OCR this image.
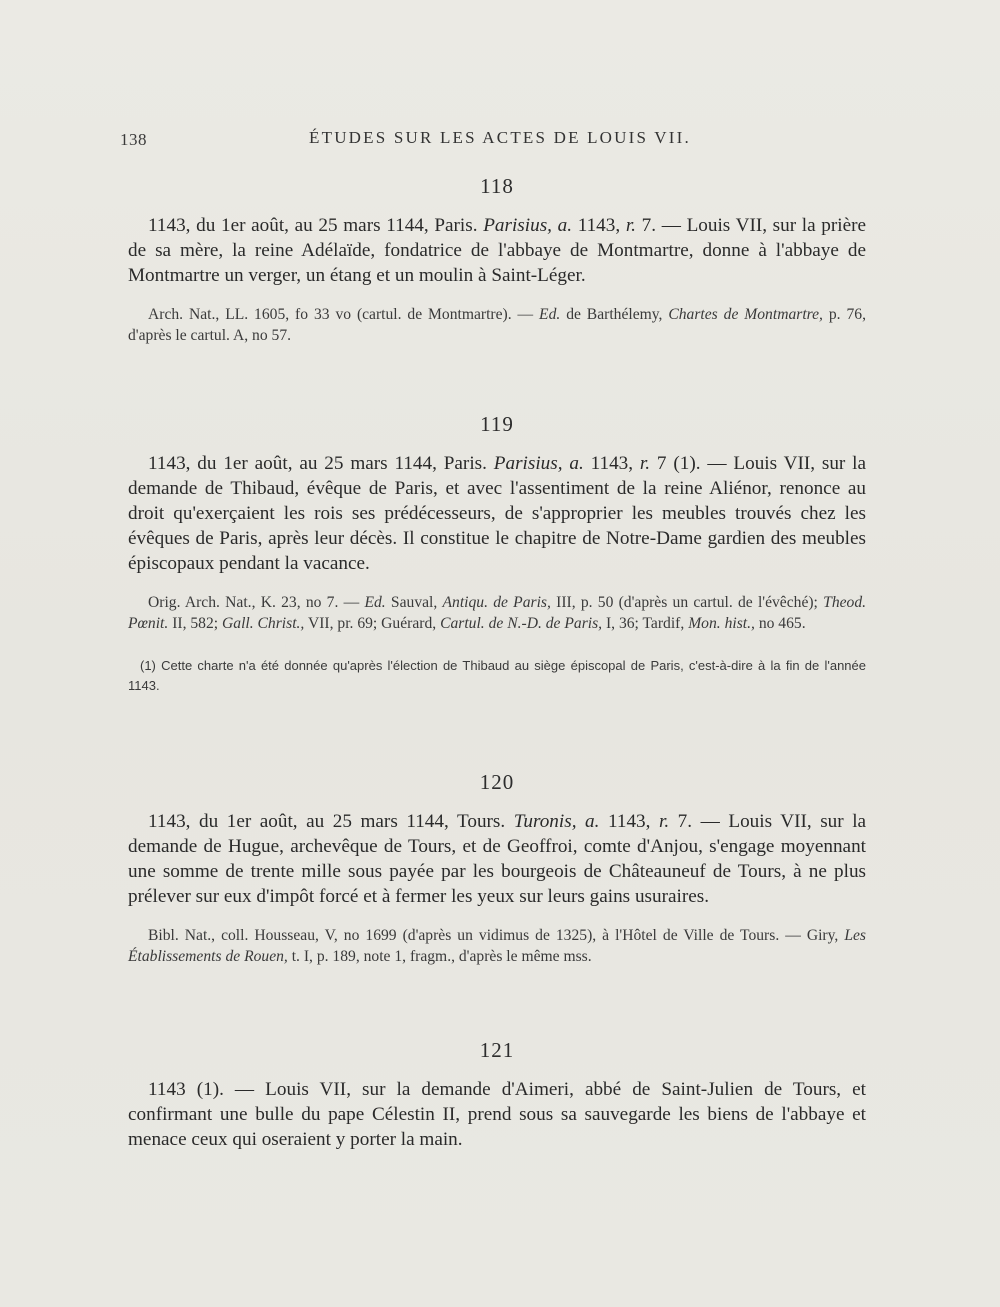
138	ÉTUDES SUR LES ACTES DE LOUIS VII.
118

1143, du 1er août, au 25 mars 1144, Paris. Parisius, a. 1143, r. 7. — Louis VII, sur la prière de sa mère, la reine Adélaïde, fondatrice de l'abbaye de Montmartre, donne à l'abbaye de Montmartre un verger, un étang et un moulin à Saint-Léger.

Arch. Nat., LL. 1605, fo 33 vo (cartul. de Montmartre). — Ed. de Barthélemy, Chartes de Montmartre, p. 76, d'après le cartul. A, no 57.

119

1143, du 1er août, au 25 mars 1144, Paris. Parisius, a. 1143, r. 7 (1). — Louis VII, sur la demande de Thibaud, évêque de Paris, et avec l'assentiment de la reine Aliénor, renonce au droit qu'exerçaient les rois ses prédécesseurs, de s'approprier les meubles trouvés chez les évêques de Paris, après leur décès. Il constitue le chapitre de Notre-Dame gardien des meubles épiscopaux pendant la vacance.

Orig. Arch. Nat., K. 23, no 7. — Ed. Sauval, Antiqu. de Paris, III, p. 50 (d'après un cartul. de l'évêché); Theod. Pœnit. II, 582; Gall. Christ., VII, pr. 69; Guérard, Cartul. de N.-D. de Paris, I, 36; Tardif, Mon. hist., no 465.

(1) Cette charte n'a été donnée qu'après l'élection de Thibaud au siège épiscopal de Paris, c'est-à-dire à la fin de l'année 1143.

120

1143, du 1er août, au 25 mars 1144, Tours. Turonis, a. 1143, r. 7. — Louis VII, sur la demande de Hugue, archevêque de Tours, et de Geoffroi, comte d'Anjou, s'engage moyennant une somme de trente mille sous payée par les bourgeois de Châteauneuf de Tours, à ne plus prélever sur eux d'impôt forcé et à fermer les yeux sur leurs gains usuraires.

Bibl. Nat., coll. Housseau, V, no 1699 (d'après un vidimus de 1325), à l'Hôtel de Ville de Tours. — Giry, Les Établissements de Rouen, t. I, p. 189, note 1, fragm., d'après le même mss.

121

1143 (1). — Louis VII, sur la demande d'Aimeri, abbé de Saint-Julien de Tours, et confirmant une bulle du pape Célestin II, prend sous sa sauvegarde les biens de l'abbaye et menace ceux qui oseraient y porter la main.
